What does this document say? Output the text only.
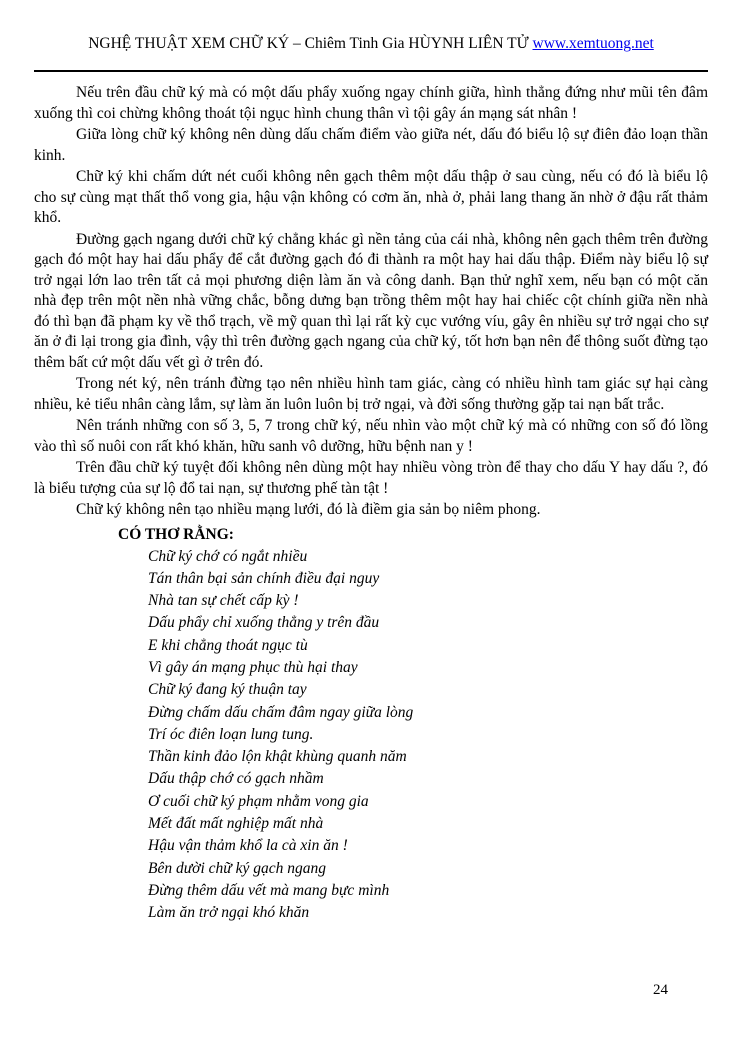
NGHỆ THUẬT XEM CHỮ KÝ – Chiêm Tinh Gia HÙYNH LIÊN TỬ www.xemtuong.net

Nếu trên đầu chữ ký mà có một dấu phẩy xuống ngay chính giữa, hình thẳng đứng như mũi tên đâm xuống thì coi chừng không thoát tội ngục hình chung thân vì tội gây án mạng sát nhân !

Giữa lòng chữ ký không nên dùng dấu chấm điểm vào giữa nét, dấu đó biểu lộ sự điên đảo loạn thần kinh.

Chữ ký khi chấm dứt nét cuối không nên gạch thêm một dấu thập ở sau cùng, nếu có đó là biểu lộ cho sự cùng mạt thất thổ vong gia, hậu vận không có cơm ăn, nhà ở, phải lang thang ăn nhờ ở đậu rất thảm khổ.

Đường gạch ngang dưới chữ ký chẳng khác gì nền tảng của cái nhà, không nên gạch thêm trên đường gạch đó một hay hai dấu phẩy để cắt đường gạch đó đi thành ra một hay hai dấu thập. Điểm này biểu lộ sự trở ngại lớn lao trên tất cả mọi phương diện làm ăn và công danh. Bạn thử nghĩ xem, nếu bạn có một căn nhà đẹp trên một nền nhà vững chắc, bỗng dưng bạn trồng thêm một hay hai chiếc cột chính giữa nền nhà đó thì bạn đã phạm ky về thổ trạch, về mỹ quan thì lại rất kỳ cục vướng víu, gây ên nhiều sự trở ngại cho sự ăn ở đi lại trong gia đình, vậy thì trên đường gạch ngang của chữ ký, tốt hơn bạn nên để thông suốt đừng tạo thêm bất cứ một dấu vết gì ở trên đó.

Trong nét ký, nên tránh đừng tạo nên nhiều hình tam giác, càng có nhiều hình tam giác sự hại càng nhiều, kẻ tiểu nhân càng lắm, sự làm ăn luôn luôn bị trở ngại, và đời sống thường gặp tai nạn bất trắc.

Nên tránh những con số 3, 5, 7 trong chữ ký, nếu nhìn vào một chữ ký mà có những con số đó lồng vào thì số nuôi con rất khó khăn, hữu sanh vô dưỡng, hữu bệnh nan y !

Trên đầu chữ ký tuyệt đối không nên dùng một hay nhiều vòng tròn để thay cho dấu Y hay dấu ?, đó là biểu tượng của sự lộ đổ tai nạn, sự thương phế tàn tật !

Chữ ký không nên tạo nhiều mạng lưới, đó là điềm gia sản bọ niêm phong.

CÓ THƠ RẰNG:
Chữ ký chớ có ngắt nhiều
Tán thân bại sản chính điều đại nguy
Nhà tan sự chết cấp kỳ !
Dấu phẩy chỉ xuống thẳng y trên đầu
E khi chẳng thoát ngục tù
Vì gây án mạng phục thù hại thay
Chữ ký đang ký thuận tay
Đừng chấm dấu chấm đâm ngay giữa lòng
Trí óc điên loạn lung tung.
Thần kinh đảo lộn khật khùng quanh năm
Dấu thập chớ có gạch nhầm
Ơ cuối chữ ký phạm nhằm vong gia
Mết đất mất nghiệp mất nhà
Hậu vận thảm khổ la cà xin ăn !
Bên dười chữ ký gạch ngang
Đừng thêm dấu vết mà mang bực mình
Làm ăn trở ngại khó khăn
24
